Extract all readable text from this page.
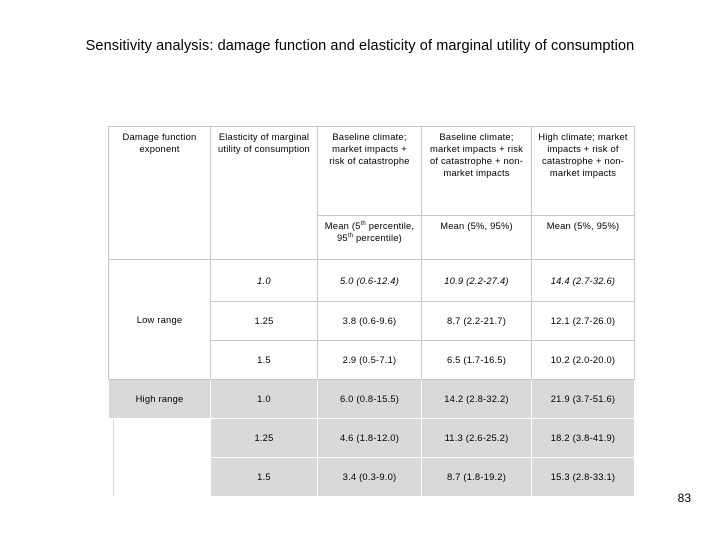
Sensitivity analysis: damage function and elasticity of marginal utility of consumption
Damage function exponent	Elasticity of marginal utility of consumption	Baseline climate; market impacts + risk of catastrophe	Baseline climate; market impacts + risk of catastrophe + non-market impacts	High climate; market impacts + risk of catastrophe + non-market impacts
		Mean (5th percentile, 95th percentile)	Mean (5%, 95%)	Mean (5%, 95%)
Low range	1.0	5.0 (0.6-12.4)	10.9 (2.2-27.4)	14.4 (2.7-32.6)
	1.25	3.8 (0.6-9.6)	8.7 (2.2-21.7)	12.1 (2.7-26.0)
	1.5	2.9 (0.5-7.1)	6.5 (1.7-16.5)	10.2 (2.0-20.0)
High range	1.0	6.0 (0.8-15.5)	14.2 (2.8-32.2)	21.9 (3.7-51.6)

	1.25	4.6 (1.8-12.0)	11.3 (2.6-25.2)	18.2 (3.8-41.9)
	1.5	3.4 (0.3-9.0)	8.7 (1.8-19.2)	15.3 (2.8-33.1)
83
